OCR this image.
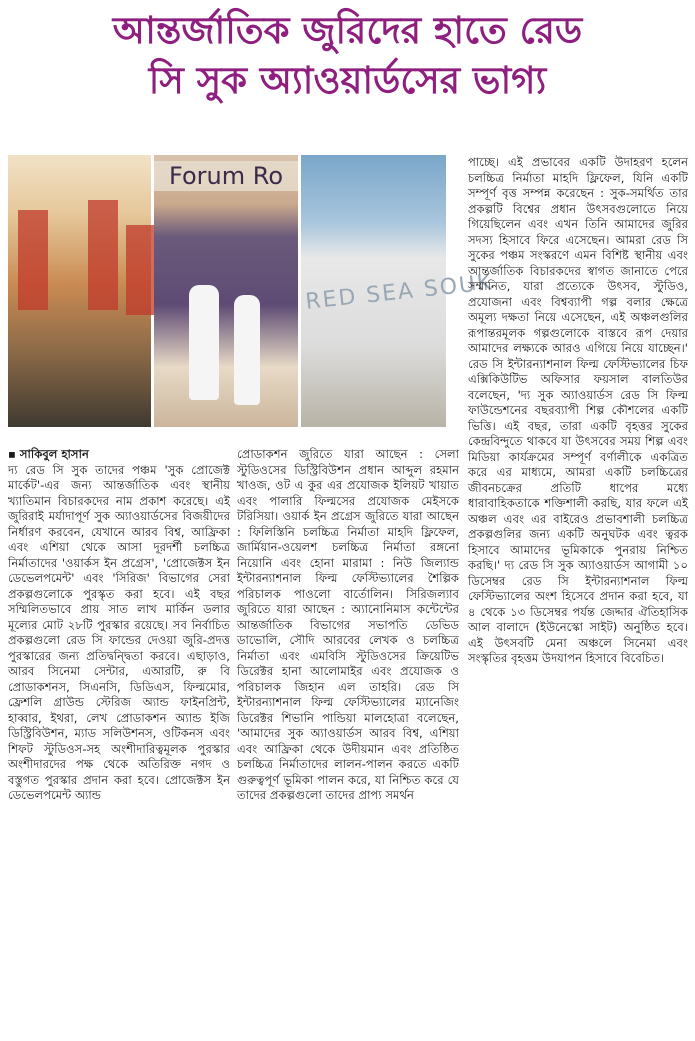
আন্তর্জাতিক জুরিদের হাতে রেড
সি সুক অ্যাওয়ার্ডসের ভাগ্য
Forum Ro
RED SEA SOUK
▪ সাকিবুল হাসান

দ্য রেড সি সুক তাদের পঞ্চম 'সুক প্রোজেক্ট মার্কেট'-এর জন্য আন্তর্জাতিক এবং স্থানীয় খ্যাতিমান বিচারকদের নাম প্রকাশ করেছে। এই জুরিরাই মর্যাদাপূর্ণ সুক অ্যাওয়ার্ডসের বিজয়ীদের নির্ধারণ করবেন, যেখানে আরব বিশ্ব, আফ্রিকা এবং এশিয়া থেকে আসা দূরদর্শী চলচ্চিত্র নির্মাতাদের 'ওয়ার্কস ইন প্রগ্রেস', 'প্রোজেক্টস ইন ডেভেলপমেন্ট' এবং 'সিরিজ' বিভাগের সেরা প্রকল্পগুলোকে পুরস্কৃত করা হবে। এই বছর সম্মিলিতভাবে প্রায় সাত লাখ মার্কিন ডলার মূল্যের মোট ২৮টি পুরস্কার রয়েছে। সব নির্বাচিত প্রকল্পগুলো রেড সি ফান্ডের দেওয়া জুরি-প্রদত্ত পুরস্কারের জন্য প্রতিদ্বন্দ্বিতা করবে। এছাড়াও, আরব সিনেমা সেন্টার, এআরটি, রু বি প্রোডাকশনস, সিএনসি, ডিডিএস, ফিল্মমোর, ফ্রেশলি গ্রাউন্ড স্টেরিজ অ্যান্ড ফাইনপ্রিন্ট, হাব্বার, ইথরা, লেখ প্রোডাকশন অ্যান্ড ইজি ডিস্ট্রিবিউশন, ম্যাড সলিউশনস, ওটিকনস এবং শিফট স্টুডিওস-সহ অংশীদারিত্বমূলক পুরস্কার অংশীদারদের পক্ষ থেকে অতিরিক্ত নগদ ও বস্তুগত পুরস্কার প্রদান করা হবে। প্রোজেক্টস ইন ডেভেলপমেন্ট অ্যান্ড

প্রোডাকশন জুরিতে যারা আছেন : সেলা স্টুডিওসের ডিস্ট্রিবিউশন প্রধান আব্দুল রহমান খাওজ, ওট এ কুর এর প্রযোজক ইলিয়ট খায়াত এবং পালারি ফিল্মসের প্রযোজক মেইসকে টরিসিয়া। ওয়ার্ক ইন প্রগ্রেস জুরিতে যারা আছেন : ফিলিস্তিনি চলচ্চিত্র নির্মাতা মাহদি ফ্লিফেল, জার্মিয়ান-ওয়েলশ চলচ্চিত্র নির্মাতা রঙ্গনো নিয়োনি এবং হোনা মারামা : নিউ জিল্যান্ড ইন্টারন্যাশনাল ফিল্ম ফেস্টিভ্যালের শৈল্পিক পরিচালক পাওলো বার্তোলিন। সিরিজল্যাব জুরিতে যারা আছেন : অ্যানোনিমাস কন্টেন্টের আন্তর্জাতিক বিভাগের সভাপতি ডেভিড ডাভোলি, সৌদি আরবের লেখক ও চলচ্চিত্র নির্মাতা এবং এমবিসি স্টুডিওসের ক্রিয়েটিভ ডিরেক্টর হানা আলোমাইর এবং প্রযোজক ও পরিচালক জিহান এল তাহরি। রেড সি ইন্টারন্যাশনাল ফিল্ম ফেস্টিভ্যালের ম্যানেজিং ডিরেক্টর শিভানি পান্ডিয়া মালহোত্রা বলেছেন, 'আমাদের সুক অ্যাওয়ার্ডস আরব বিশ্ব, এশিয়া এবং আফ্রিকা থেকে উদীয়মান এবং প্রতিষ্ঠিত চলচ্চিত্র নির্মাতাদের লালন-পালন করতে একটি গুরুত্বপূর্ণ ভূমিকা পালন করে, যা নিশ্চিত করে যে তাদের প্রকল্পগুলো তাদের প্রাপ্য সমর্থন

পাচ্ছে। এই প্রভাবের একটি উদাহরণ হলেন চলচ্চিত্র নির্মাতা মাহদি ফ্লিফেল, যিনি একটি সম্পূর্ণ বৃত্ত সম্পন্ন করেছেন : সুক-সমর্থিত তার প্রকল্পটি বিশ্বের প্রধান উৎসবগুলোতে নিয়ে গিয়েছিলেন এবং এখন তিনি আমাদের জুরির সদস্য হিসাবে ফিরে এসেছেন। আমরা রেড সি সুকের পঞ্চম সংস্করণে এমন বিশিষ্ট স্থানীয় এবং আন্তর্জাতিক বিচারকদের স্বাগত জানাতে পেরে সম্মানিত, যারা প্রত্যেকে উৎসব, স্টুডিও, প্রযোজনা এবং বিশ্বব্যাপী গল্প বলার ক্ষেত্রে অমূল্য দক্ষতা নিয়ে এসেছেন, এই অঞ্চলগুলির রূপান্তরমূলক গল্পগুলোকে বাস্তবে রূপ দেয়ার আমাদের লক্ষ্যকে আরও এগিয়ে নিয়ে যাচ্ছেন।' রেড সি ইন্টারন্যাশনাল ফিল্ম ফেস্টিভ্যালের চিফ এক্সিকিউটিভ অফিসার ফয়সাল বালতিউর বলেছেন, 'দ্য সুক অ্যাওয়ার্ডস রেড সি ফিল্ম ফাউন্ডেশনের বছরব্যাপী শিল্প কৌশলের একটি ভিত্তি। এই বছর, তারা একটি বৃহত্তর সুকের কেন্দ্রবিন্দুতে থাকবে যা উৎসবের সময় শিল্প এবং মিডিয়া কার্যক্রমের সম্পূর্ণ বর্ণালীকে একত্রিত করে এর মাধ্যমে, আমরা একটি চলচ্চিত্রের জীবনচক্রের প্রতিটি ধাপের মধ্যে ধারাবাহিকতাকে শক্তিশালী করছি, যার ফলে এই অঞ্চল এবং এর বাইরেও প্রভাবশালী চলচ্চিত্র প্রকল্পগুলির জন্য একটি অনুঘটক এবং ত্বরক হিসাবে আমাদের ভূমিকাকে পুনরায় নিশ্চিত করছি।' দ্য রেড সি সুক অ্যাওয়ার্ডস আগামী ১০ ডিসেম্বর রেড সি ইন্টারন্যাশনাল ফিল্ম ফেস্টিভ্যালের অংশ হিসেবে প্রদান করা হবে, যা ৪ থেকে ১৩ ডিসেম্বর পর্যন্ত জেদ্দার ঐতিহাসিক আল বালাদে (ইউনেস্কো সাইট) অনুষ্ঠিত হবে। এই উৎসবটি মেনা অঞ্চলে সিনেমা এবং সংস্কৃতির বৃহত্তম উদযাপন হিসাবে বিবেচিত।
